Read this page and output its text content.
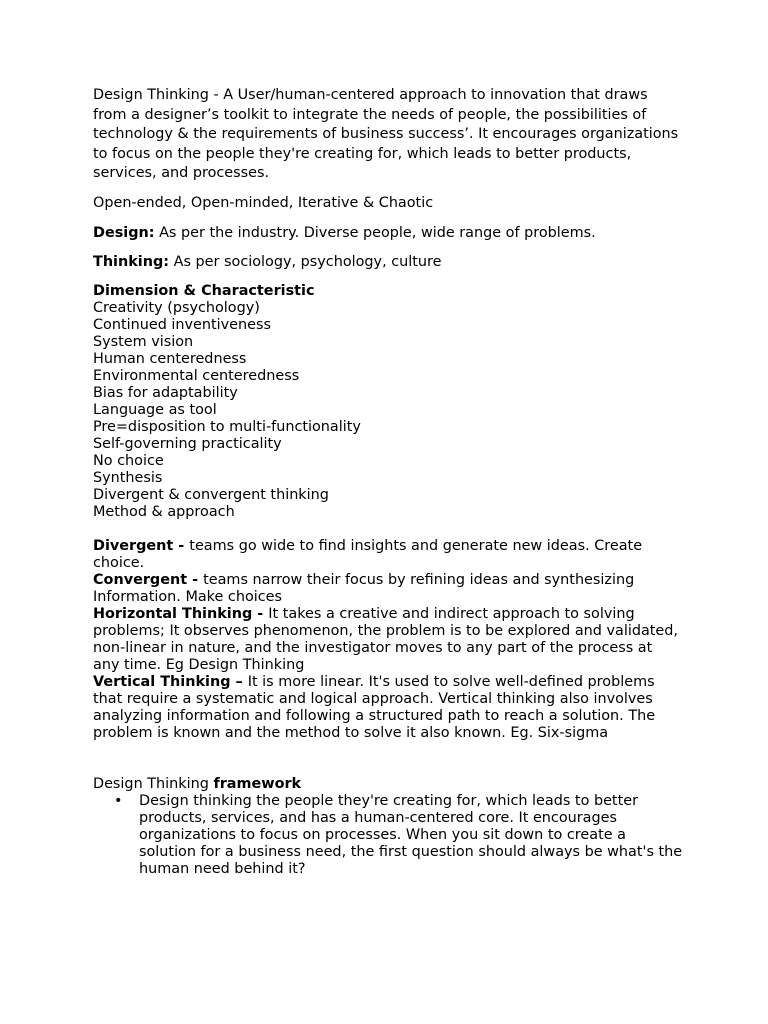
Design Thinking - A User/human-centered approach to innovation that draws from a designer’s toolkit to integrate the needs of people, the possibilities of technology & the requirements of business success’. It encourages organizations to focus on the people they're creating for, which leads to better products, services, and processes.

Open-ended, Open-minded, Iterative & Chaotic

Design: As per the industry. Diverse people, wide range of problems.

Thinking: As per sociology, psychology, culture

Dimension & Characteristic

Creativity (psychology)

Continued inventiveness

System vision

Human centeredness

Environmental centeredness

Bias for adaptability

Language as tool

Pre=disposition to multi-functionality

Self-governing practicality

No choice

Synthesis

Divergent & convergent thinking

Method & approach

Divergent - teams go wide to find insights and generate new ideas. Create choice.

Convergent - teams narrow their focus by refining ideas and synthesizing

Information. Make choices

Horizontal Thinking - It takes a creative and indirect approach to solving problems; It observes phenomenon, the problem is to be explored and validated, non-linear in nature, and the investigator moves to any part of the process at any time. Eg Design Thinking

Vertical Thinking – It is more linear. It's used to solve well-defined problems that require a systematic and logical approach. Vertical thinking also involves analyzing information and following a structured path to reach a solution. The problem is known and the method to solve it also known. Eg. Six-sigma

Design Thinking framework

• Design thinking the people they're creating for, which leads to better products, services, and has a human-centered core. It encourages organizations to focus on processes. When you sit down to create a solution for a business need, the first question should always be what's the human need behind it?
